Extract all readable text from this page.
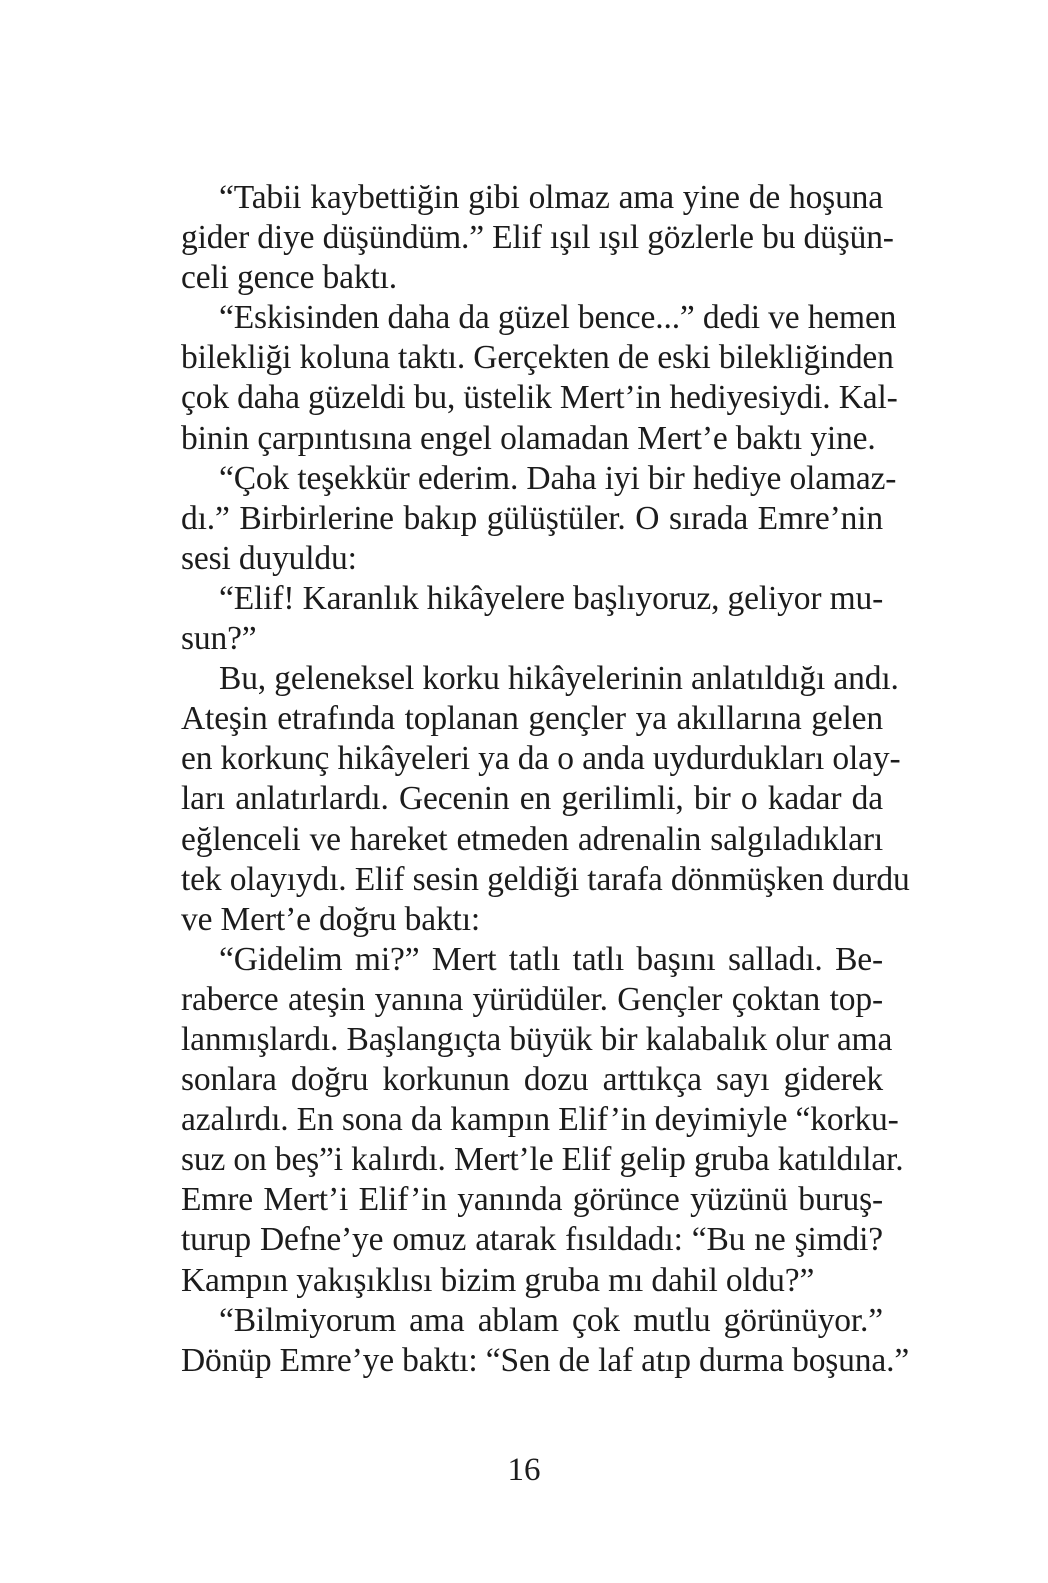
“Tabii kaybettiğin gibi olmaz ama yine de hoşuna
gider diye düşündüm.” Elif ışıl ışıl gözlerle bu düşün-
celi gence baktı.
“Eskisinden daha da güzel bence...” dedi ve hemen
bilekliği koluna taktı. Gerçekten de eski bilekliğinden
çok daha güzeldi bu, üstelik Mert’in hediyesiydi. Kal-
binin çarpıntısına engel olamadan Mert’e baktı yine.
“Çok teşekkür ederim. Daha iyi bir hediye olamaz-
dı.” Birbirlerine bakıp gülüştüler. O sırada Emre’nin
sesi duyuldu:
“Elif! Karanlık hikâyelere başlıyoruz, geliyor mu-
sun?”
Bu, geleneksel korku hikâyelerinin anlatıldığı andı.
Ateşin etrafında toplanan gençler ya akıllarına gelen
en korkunç hikâyeleri ya da o anda uydurdukları olay-
ları anlatırlardı. Gecenin en gerilimli, bir o kadar da
eğlenceli ve hareket etmeden adrenalin salgıladıkları
tek olayıydı. Elif sesin geldiği tarafa dönmüşken durdu
ve Mert’e doğru baktı:
“Gidelim mi?” Mert tatlı tatlı başını salladı. Be-
raberce ateşin yanına yürüdüler. Gençler çoktan top-
lanmışlardı. Başlangıçta büyük bir kalabalık olur ama
sonlara doğru korkunun dozu arttıkça sayı giderek
azalırdı. En sona da kampın Elif’in deyimiyle “korku-
suz on beş”i kalırdı. Mert’le Elif gelip gruba katıldılar.
Emre Mert’i Elif’in yanında görünce yüzünü buruş-
turup Defne’ye omuz atarak fısıldadı: “Bu ne şimdi?
Kampın yakışıklısı bizim gruba mı dahil oldu?”
“Bilmiyorum ama ablam çok mutlu görünüyor.”
Dönüp Emre’ye baktı: “Sen de laf atıp durma boşuna.”
16
